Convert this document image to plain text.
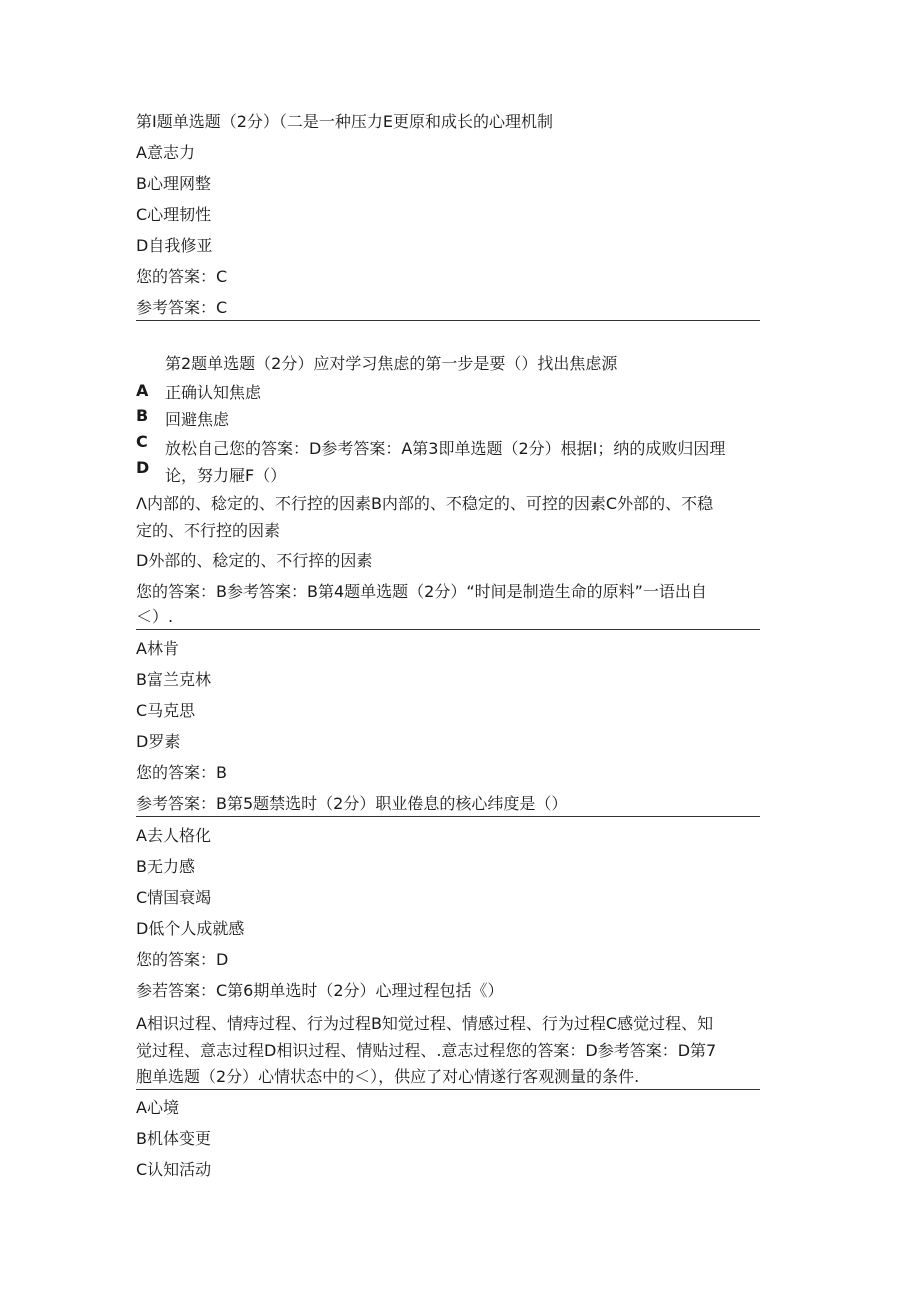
第I题单选题（2分）（二是一种压力E更原和成长的心理机制
A意志力
B心理网整
C心理韧性
D自我修亚
您的答案：C
参考答案：C
第2题单选题（2分）应对学习焦虑的第一步是要（）找出焦虑源
A
B
C
D
正确认知焦虑
回避焦虑
放松自己您的答案：D参考答案：A第3即单选题（2分）根据I；纳的成败归因理
论，努力屜F（）
Λ内部的、稔定的、不行控的因素B内部的、不稳定的、可控的因素C外部的、不稳
定的、不行控的因素
D外部的、稔定的、不行捽的因素
您的答案：B参考答案：B第4题单选题（2分）“时间是制造生命的原料”一语出自
＜）.
A林肯
B富兰克林
C马克思
D罗素
您的答案：B
参考答案：B第5题禁选时（2分）职业倦息的核心纬度是（）
A去人格化
B无力感
C情国衰竭
D低个人成就感
您的答案：D
参若答案：C第6期单选时（2分）心理过程包括《）
A相识过程、情痔过程、行为过程B知觉过程、情感过程、行为过程C感觉过程、知
觉过程、意志过程D相识过程、情贴过程、.意志过程您的答案：D参考答案：D第7
胞单选题（2分）心情状态中的＜），供应了对心情遂行客观测量的条件.
A心境
B机体变更
C认知活动
